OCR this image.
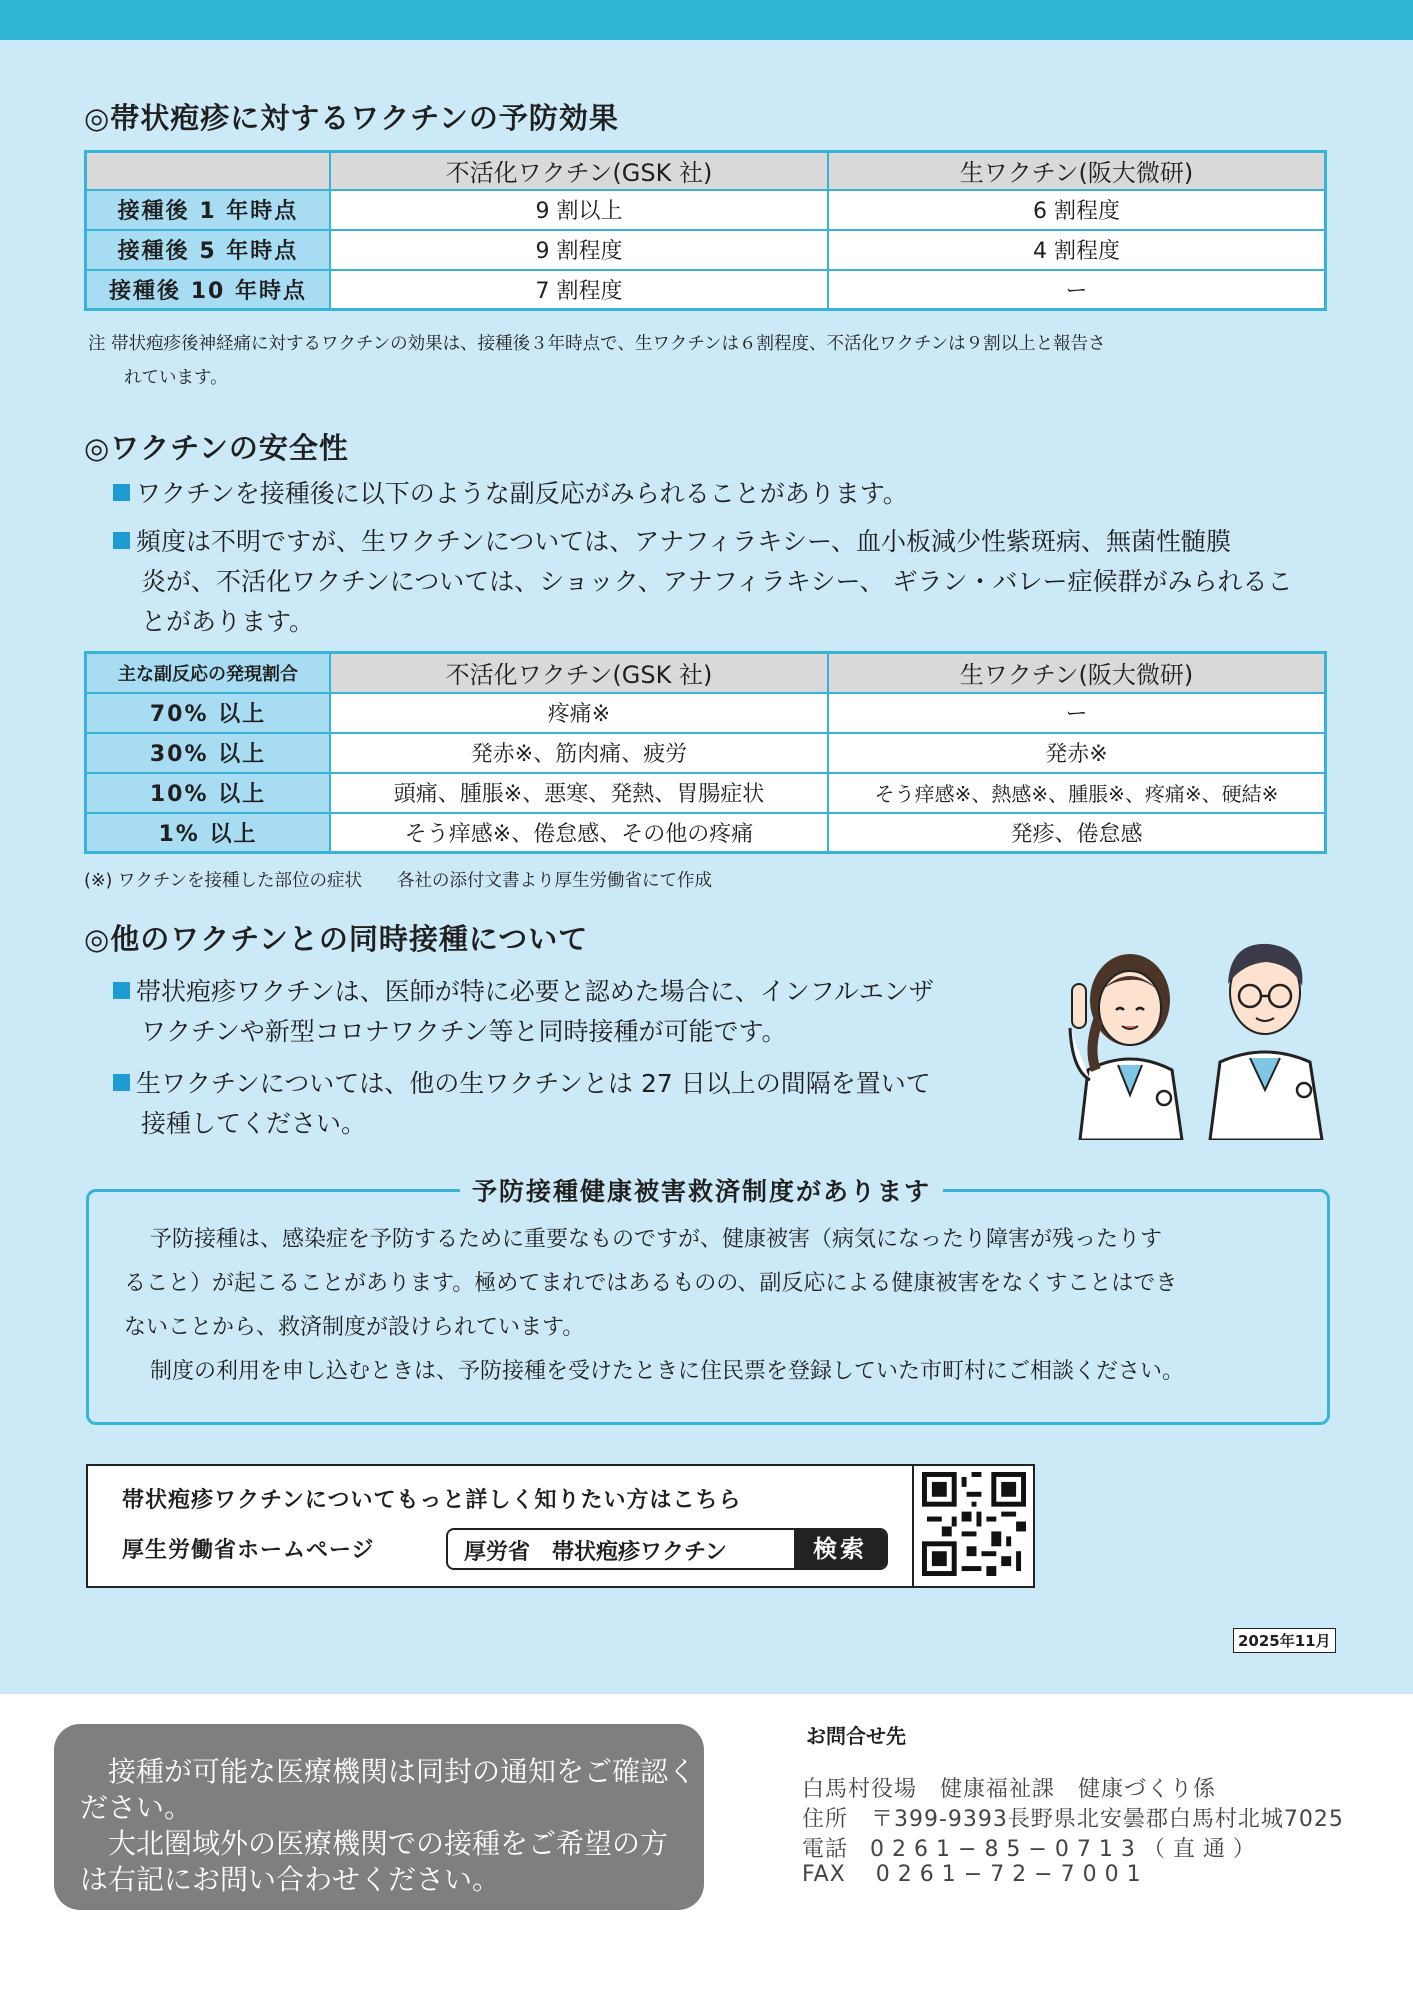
◎帯状疱疹に対するワクチンの予防効果
	不活化ワクチン(GSK 社)	生ワクチン(阪大微研)
接種後 1 年時点	9 割以上	6 割程度
接種後 5 年時点	9 割程度	4 割程度
接種後 10 年時点	7 割程度	ー
注 帯状疱疹後神経痛に対するワクチンの効果は、接種後３年時点で、生ワクチンは６割程度、不活化ワクチンは９割以上と報告さ
れています。
◎ワクチンの安全性
ワクチンを接種後に以下のような副反応がみられることがあります。
頻度は不明ですが、生ワクチンについては、アナフィラキシー、血小板減少性紫斑病、無菌性髄膜
炎が、不活化ワクチンについては、ショック、アナフィラキシー、 ギラン・バレー症候群がみられるこ
とがあります。
主な副反応の発現割合	不活化ワクチン(GSK 社)	生ワクチン(阪大微研)
70% 以上	疼痛※	ー
30% 以上	発赤※、筋肉痛、疲労	発赤※
10% 以上	頭痛、腫脹※、悪寒、発熱、胃腸症状	そう痒感※、熱感※、腫脹※、疼痛※、硬結※
1% 以上	そう痒感※、倦怠感、その他の疼痛	発疹、倦怠感
(※) ワクチンを接種した部位の症状　　各社の添付文書より厚生労働省にて作成
◎他のワクチンとの同時接種について
帯状疱疹ワクチンは、医師が特に必要と認めた場合に、インフルエンザ
ワクチンや新型コロナワクチン等と同時接種が可能です。
生ワクチンについては、他の生ワクチンとは 27 日以上の間隔を置いて
接種してください。
予防接種健康被害救済制度があります
予防接種は、感染症を予防するために重要なものですが、健康被害（病気になったり障害が残ったりす
ること）が起こることがあります。極めてまれではあるものの、副反応による健康被害をなくすことはでき
ないことから、救済制度が設けられています。
制度の利用を申し込むときは、予防接種を受けたときに住民票を登録していた市町村にご相談ください。
帯状疱疹ワクチンについてもっと詳しく知りたい方はこちら
厚生労働省ホームページ	厚労省　帯状疱疹ワクチン	検索
2025年11月
接種が可能な医療機関は同封の通知をご確認く
ださい。
大北圏域外の医療機関での接種をご希望の方
は右記にお問い合わせください。
お問合せ先
白馬村役場　健康福祉課　健康づくり係
住所　〒399-9393長野県北安曇郡白馬村北城7025
電話 0261−85−0713（直通）
FAX 0261−72−7001
